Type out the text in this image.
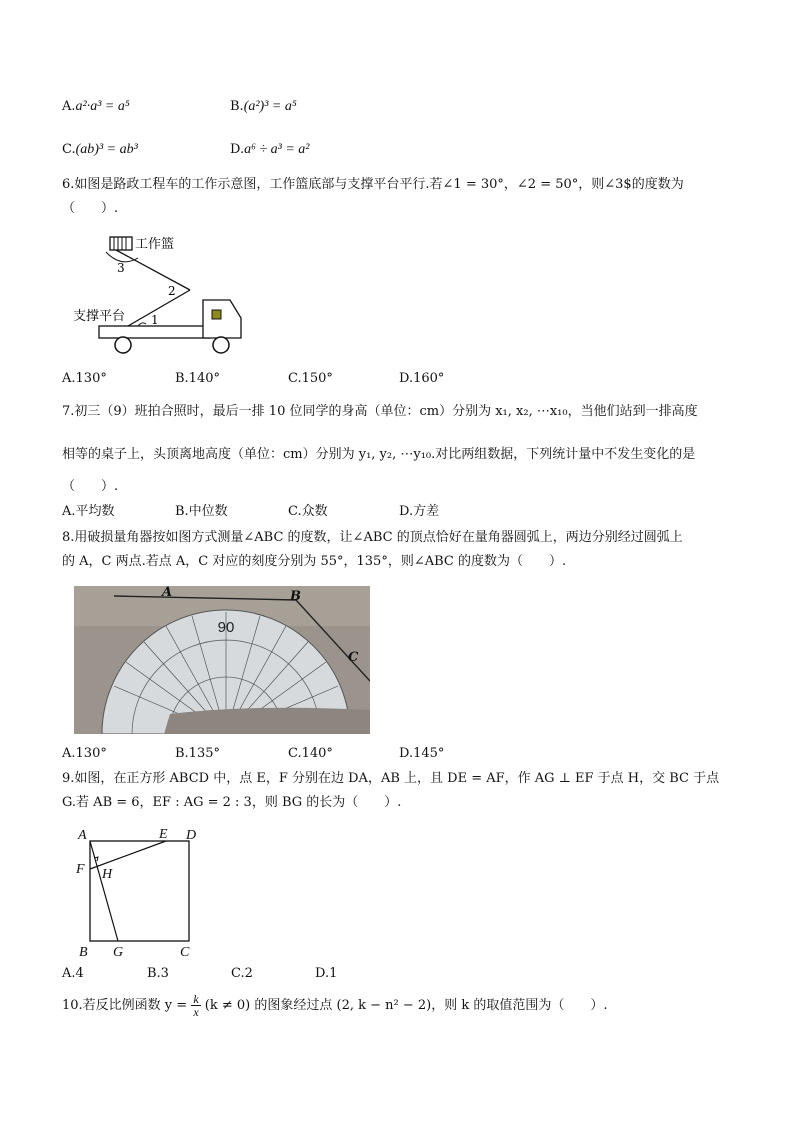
A.a²·a³ = a⁵	B.(a²)³ = a⁵
C.(ab)³ = ab³	D.a⁶ ÷ a³ = a²
6.如图是路政工程车的工作示意图，工作篮底部与支撑平台平行.若∠1 = 30°，∠2 = 50°，则∠3$的度数为
（　　）.
工作篮
支撑平台
3
2
1
A.130°	B.140°	C.150°	D.160°
7.初三（9）班拍合照时，最后一排 10 位同学的身高（单位：cm）分别为 x₁, x₂, ⋯x₁₀，当他们站到一排高度
相等的桌子上，头顶离地高度（单位：cm）分别为 y₁, y₂, ⋯y₁₀.对比两组数据，下列统计量中不发生变化的是
（　　）.
A.平均数	B.中位数	C.众数	D.方差
8.用破损量角器按如图方式测量∠ABC 的度数，让∠ABC 的顶点恰好在量角器圆弧上，两边分别经过圆弧上
的 A，C 两点.若点 A，C 对应的刻度分别为 55°，135°，则∠ABC 的度数为（　　）.
90
A	B
C
A.130°	B.135°	C.140°	D.145°
9.如图，在正方形 ABCD 中，点 E，F 分别在边 DA，AB 上，且 DE = AF，作 AG ⊥ EF 于点 H，交 BC 于点
G.若 AB = 6，EF : AG = 2 : 3，则 BG 的长为（　　）.
A	E D
F H
B G	C
A.4	B.3	C.2	D.1
10.若反比例函数 $y = \frac{k}{x} (k \ne 0)$ 的图象经过点 (2, k − n² − 2)，则 k 的取值范围为（　　）.
